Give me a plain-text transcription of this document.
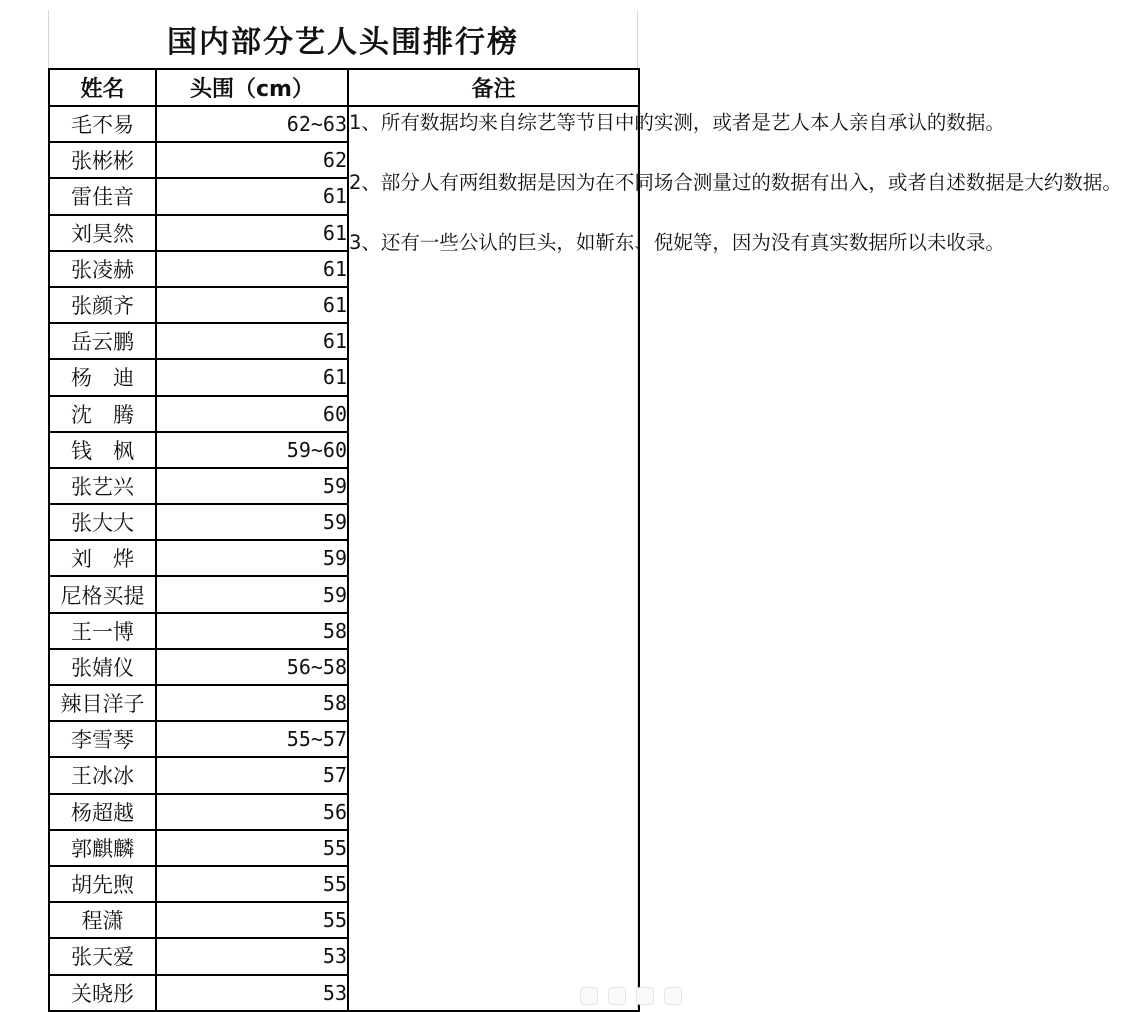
国内部分艺人头围排行榜
姓名	头围（cm）	备注
毛不易	62~63	1、所有数据均来自综艺等节目中的实测，或者是艺人本人亲自承认的数据。

2、部分人有两组数据是因为在不同场合测量过的数据有出入，或者自述数据是大约数据。

3、还有一些公认的巨头，如靳东、倪妮等，因为没有真实数据所以未收录。

张彬彬	62	
雷佳音	61	
刘昊然	61	
张凌赫	61	
张颜齐	61	
岳云鹏	61	
杨　迪	61	
沈　腾	60	
钱　枫	59~60	
张艺兴	59	
张大大	59	
刘　烨	59	
尼格买提	59	
王一博	58	
张婧仪	56~58	
辣目洋子	58	
李雪琴	55~57	
王冰冰	57	
杨超越	56	
郭麒麟	55	
胡先煦	55	
程潇	55	
张天爱	53	
关晓彤	53	
